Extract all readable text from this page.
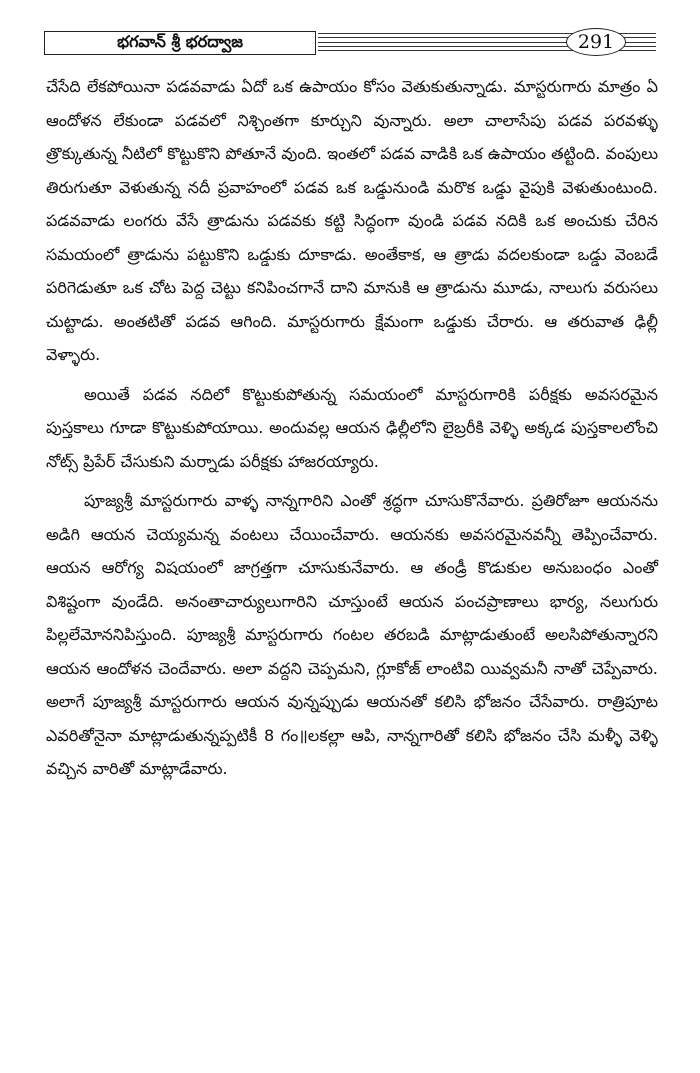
భగవాన్ శ్రీ భరద్వాజ	291

చేసేది లేకపోయినా పడవవాడు ఏదో ఒక ఉపాయం కోసం వెతుకుతున్నాడు. మాస్టరుగారు మాత్రం ఏ ఆందోళన లేకుండా పడవలో నిశ్చింతగా కూర్చుని వున్నారు. అలా చాలాసేపు పడవ పరవళ్ళు త్రొక్కుతున్న నీటిలో కొట్టుకొని పోతూనే వుంది. ఇంతలో పడవ వాడికి ఒక ఉపాయం తట్టింది. వంపులు తిరుగుతూ వెళుతున్న నదీ ప్రవాహంలో పడవ ఒక ఒడ్డునుండి మరొక ఒడ్డు వైపుకి వెళుతుంటుంది. పడవవాడు లంగరు వేసే త్రాడును పడవకు కట్టి సిద్ధంగా వుండి పడవ నదికి ఒక అంచుకు చేరిన సమయంలో త్రాడును పట్టుకొని ఒడ్డుకు దూకాడు. అంతేకాక, ఆ త్రాడు వదలకుండా ఒడ్డు వెంబడే పరిగెడుతూ ఒక చోట పెద్ద చెట్టు కనిపించగానే దాని మానుకి ఆ త్రాడును మూడు, నాలుగు వరుసలు చుట్టాడు. అంతటితో పడవ ఆగింది. మాస్టరుగారు క్షేమంగా ఒడ్డుకు చేరారు. ఆ తరువాత ఢిల్లీ వెళ్ళారు.

అయితే పడవ నదిలో కొట్టుకుపోతున్న సమయంలో మాస్టరుగారికి పరీక్షకు అవసరమైన పుస్తకాలు గూడా కొట్టుకుపోయాయి. అందువల్ల ఆయన ఢిల్లీలోని లైబ్రరీకి వెళ్ళి అక్కడ పుస్తకాలలోంచి నోట్స్ ప్రిపేర్ చేసుకుని మర్నాడు పరీక్షకు హాజరయ్యారు.

పూజ్యశ్రీ మాస్టరుగారు వాళ్ళ నాన్నగారిని ఎంతో శ్రద్ధగా చూసుకొనేవారు. ప్రతిరోజూ ఆయనను అడిగి ఆయన చెయ్యమన్న వంటలు చేయించేవారు. ఆయనకు అవసరమైనవన్నీ తెప్పించేవారు. ఆయన ఆరోగ్య విషయంలో జాగ్రత్తగా చూసుకునేవారు. ఆ తండ్రీ కొడుకుల అనుబంధం ఎంతో విశిష్టంగా వుండేది. అనంతాచార్యులుగారిని చూస్తుంటే ఆయన పంచప్రాణాలు భార్య, నలుగురు పిల్లలేమోననిపిస్తుంది. పూజ్యశ్రీ మాస్టరుగారు గంటల తరబడి మాట్లాడుతుంటే అలసిపోతున్నారని ఆయన ఆందోళన చెందేవారు. అలా వద్దని చెప్పమని, గ్లూకోజ్ లాంటివి యివ్వమనీ నాతో చెప్పేవారు. అలాగే పూజ్యశ్రీ మాస్టరుగారు ఆయన వున్నప్పుడు ఆయనతో కలిసి భోజనం చేసేవారు. రాత్రిపూట ఎవరితోనైనా మాట్లాడుతున్నప్పటికీ 8 గం॥లకల్లా ఆపి, నాన్నగారితో కలిసి భోజనం చేసి మళ్ళీ వెళ్ళి వచ్చిన వారితో మాట్లాడేవారు.
